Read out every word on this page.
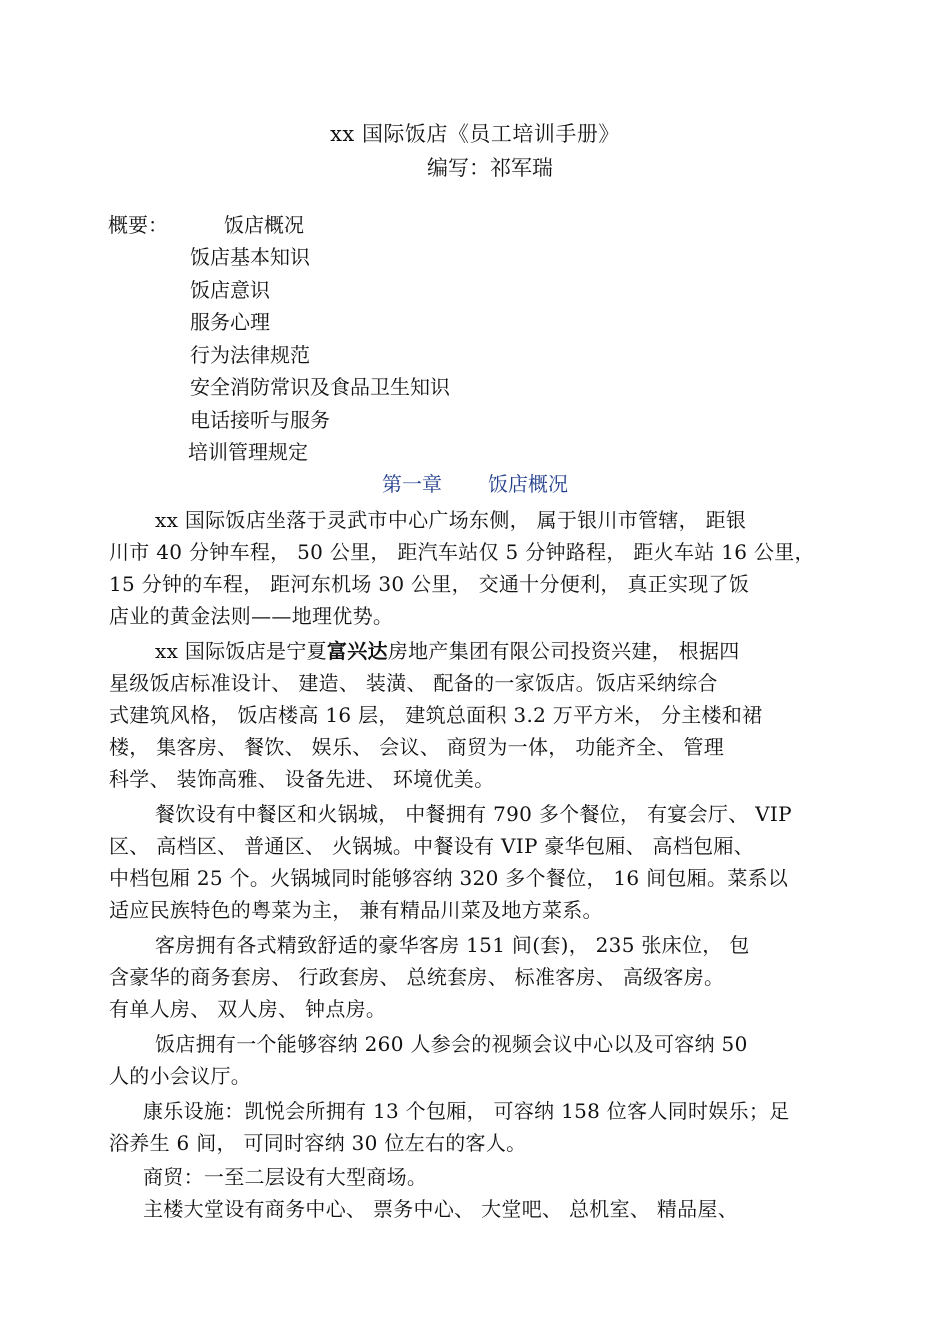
xx 国际饭店《员工培训手册》
编写：祁军瑞
概要：	饭店概况
饭店基本知识
饭店意识
服务心理
行为法律规范
安全消防常识及食品卫生知识
电话接听与服务
培训管理规定
第一章 饭店概况
xx 国际饭店坐落于灵武市中心广场东侧， 属于银川市管辖， 距银
川市 40 分钟车程， 50 公里， 距汽车站仅 5 分钟路程， 距火车站 16 公里，
15 分钟的车程， 距河东机场 30 公里， 交通十分便利， 真正实现了饭
店业的黄金法则——地理优势。
xx 国际饭店是宁夏富兴达房地产集团有限公司投资兴建， 根据四
星级饭店标准设计、 建造、 装潢、 配备的一家饭店。饭店采纳综合
式建筑风格， 饭店楼高 16 层， 建筑总面积 3.2 万平方米， 分主楼和裙
楼， 集客房、 餐饮、 娱乐、 会议、 商贸为一体， 功能齐全、 管理
科学、 装饰高雅、 设备先进、 环境优美。
餐饮设有中餐区和火锅城， 中餐拥有 790 多个餐位， 有宴会厅、 VIP
区、 高档区、 普通区、 火锅城。中餐设有 VIP 豪华包厢、 高档包厢、
中档包厢 25 个。火锅城同时能够容纳 320 多个餐位， 16 间包厢。菜系以
适应民族特色的粤菜为主， 兼有精品川菜及地方菜系。
客房拥有各式精致舒适的豪华客房 151 间(套)， 235 张床位， 包
含豪华的商务套房、 行政套房、 总统套房、 标准客房、 高级客房。
有单人房、 双人房、 钟点房。
饭店拥有一个能够容纳 260 人参会的视频会议中心以及可容纳 50
人的小会议厅。
康乐设施：凯悦会所拥有 13 个包厢， 可容纳 158 位客人同时娱乐；足
浴养生 6 间， 可同时容纳 30 位左右的客人。
商贸：一至二层设有大型商场。
主楼大堂设有商务中心、 票务中心、 大堂吧、 总机室、 精品屋、
